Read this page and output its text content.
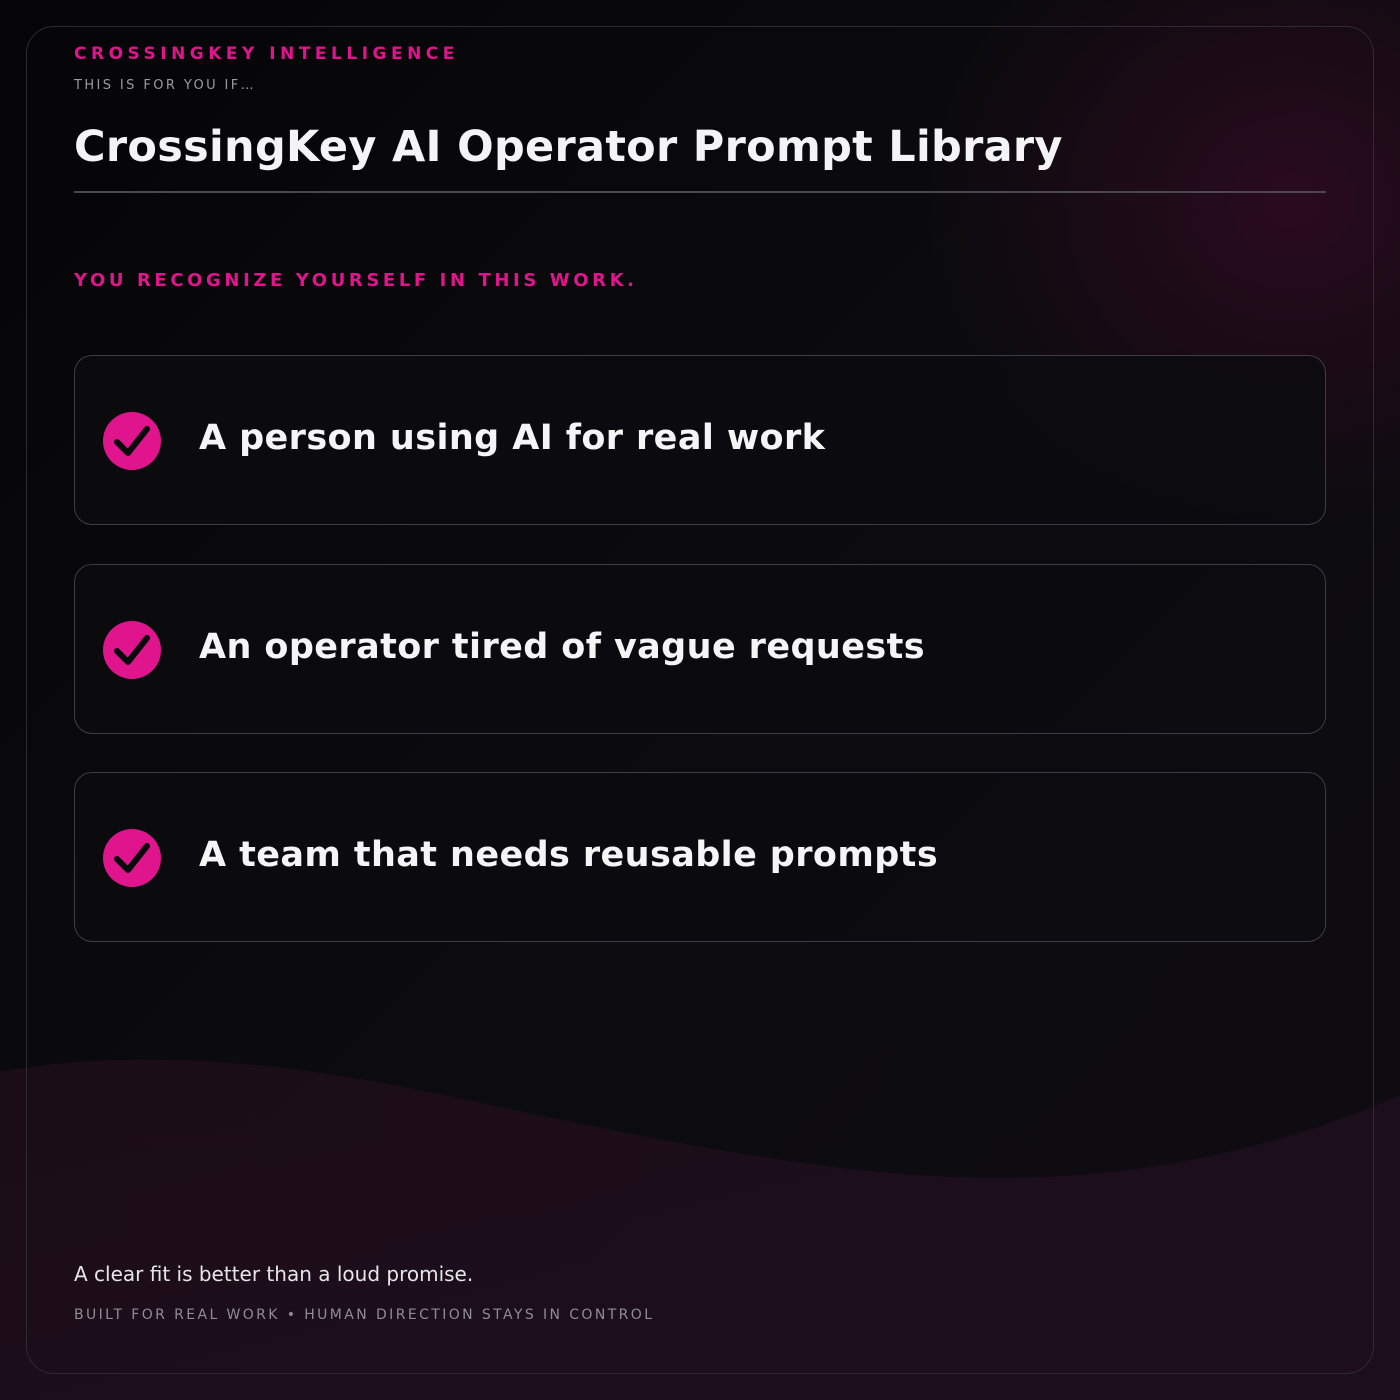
CROSSINGKEY INTELLIGENCE
THIS IS FOR YOU IF…
CrossingKey AI Operator Prompt Library
YOU RECOGNIZE YOURSELF IN THIS WORK.
A person using AI for real work
An operator tired of vague requests
A team that needs reusable prompts
A clear fit is better than a loud promise.
BUILT FOR REAL WORK • HUMAN DIRECTION STAYS IN CONTROL
